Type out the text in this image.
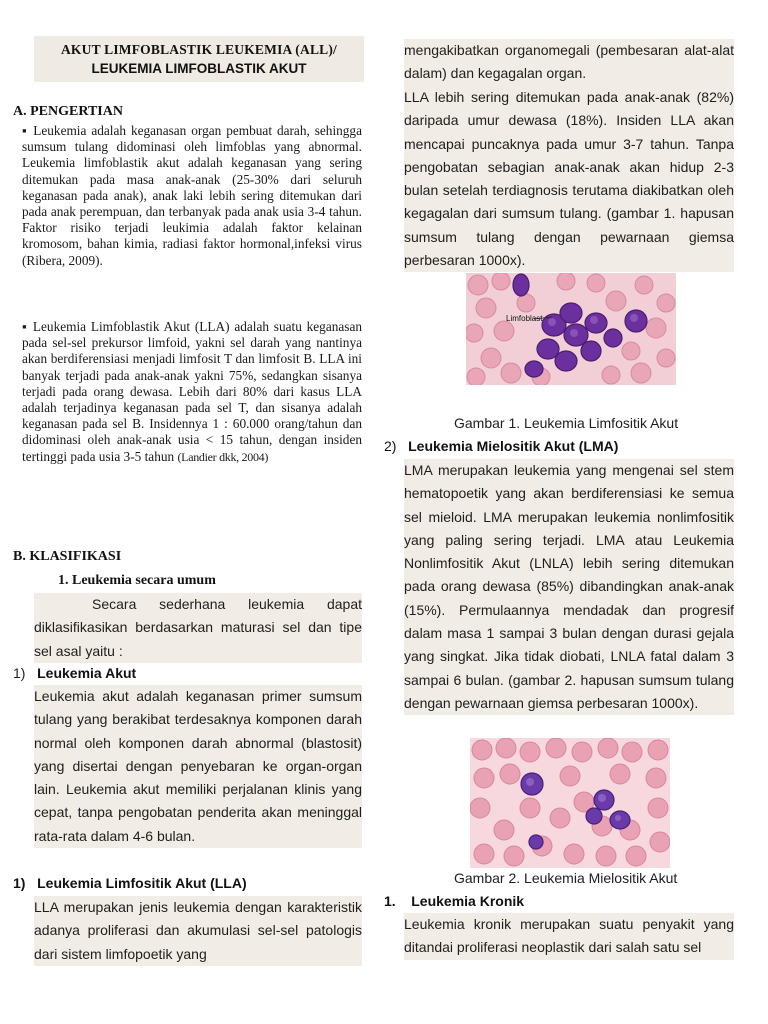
AKUT LIMFOBLASTIK LEUKEMIA (ALL)/
LEUKEMIA LIMFOBLASTIK AKUT
A. PENGERTIAN
▪ Leukemia adalah keganasan organ pembuat darah, sehingga sumsum tulang didominasi oleh limfoblas yang abnormal. Leukemia limfoblastik akut adalah keganasan yang sering ditemukan pada masa anak-anak (25-30% dari seluruh keganasan pada anak), anak laki lebih sering ditemukan dari pada anak perempuan, dan terbanyak pada anak usia 3-4 tahun. Faktor risiko terjadi leukimia adalah faktor kelainan kromosom, bahan kimia, radiasi faktor hormonal,infeksi virus (Ribera, 2009).
▪ Leukemia Limfoblastik Akut (LLA) adalah suatu keganasan pada sel-sel prekursor limfoid, yakni sel darah yang nantinya akan berdiferensiasi menjadi limfosit T dan limfosit B. LLA ini banyak terjadi pada anak-anak yakni 75%, sedangkan sisanya terjadi pada orang dewasa. Lebih dari 80% dari kasus LLA adalah terjadinya keganasan pada sel T, dan sisanya adalah keganasan pada sel B. Insidennya 1 : 60.000 orang/tahun dan didominasi oleh anak-anak usia < 15 tahun, dengan insiden tertinggi pada usia 3-5 tahun (Landier dkk, 2004)
B. KLASIFIKASI
1. Leukemia secara umum
Secara sederhana leukemia dapat diklasifikasikan berdasarkan maturasi sel dan tipe sel asal yaitu :
1) Leukemia Akut
Leukemia akut adalah keganasan primer sumsum tulang yang berakibat terdesaknya komponen darah normal oleh komponen darah abnormal (blastosit) yang disertai dengan penyebaran ke organ-organ lain. Leukemia akut memiliki perjalanan klinis yang cepat, tanpa pengobatan penderita akan meninggal rata-rata dalam 4-6 bulan.
1) Leukemia Limfositik Akut (LLA)
LLA merupakan jenis leukemia dengan karakteristik adanya proliferasi dan akumulasi sel-sel patologis dari sistem limfopoetik yang
mengakibatkan organomegali (pembesaran alat-alat dalam) dan kegagalan organ.
LLA lebih sering ditemukan pada anak-anak (82%) daripada umur dewasa (18%). Insiden LLA akan mencapai puncaknya pada umur 3-7 tahun. Tanpa pengobatan sebagian anak-anak akan hidup 2-3 bulan setelah terdiagnosis terutama diakibatkan oleh kegagalan dari sumsum tulang. (gambar 1. hapusan sumsum tulang dengan pewarnaan giemsa perbesaran 1000x).
Limfoblast
Gambar 1. Leukemia Limfositik Akut
2) Leukemia Mielositik Akut (LMA)
LMA merupakan leukemia yang mengenai sel stem hematopoetik yang akan berdiferensiasi ke semua sel mieloid. LMA merupakan leukemia nonlimfositik yang paling sering terjadi. LMA atau Leukemia Nonlimfositik Akut (LNLA) lebih sering ditemukan pada orang dewasa (85%) dibandingkan anak-anak (15%). Permulaannya mendadak dan progresif dalam masa 1 sampai 3 bulan dengan durasi gejala yang singkat. Jika tidak diobati, LNLA fatal dalam 3 sampai 6 bulan. (gambar 2. hapusan sumsum tulang dengan pewarnaan giemsa perbesaran 1000x).
Gambar 2. Leukemia Mielositik Akut
1. Leukemia Kronik
Leukemia kronik merupakan suatu penyakit yang ditandai proliferasi neoplastik dari salah satu sel
